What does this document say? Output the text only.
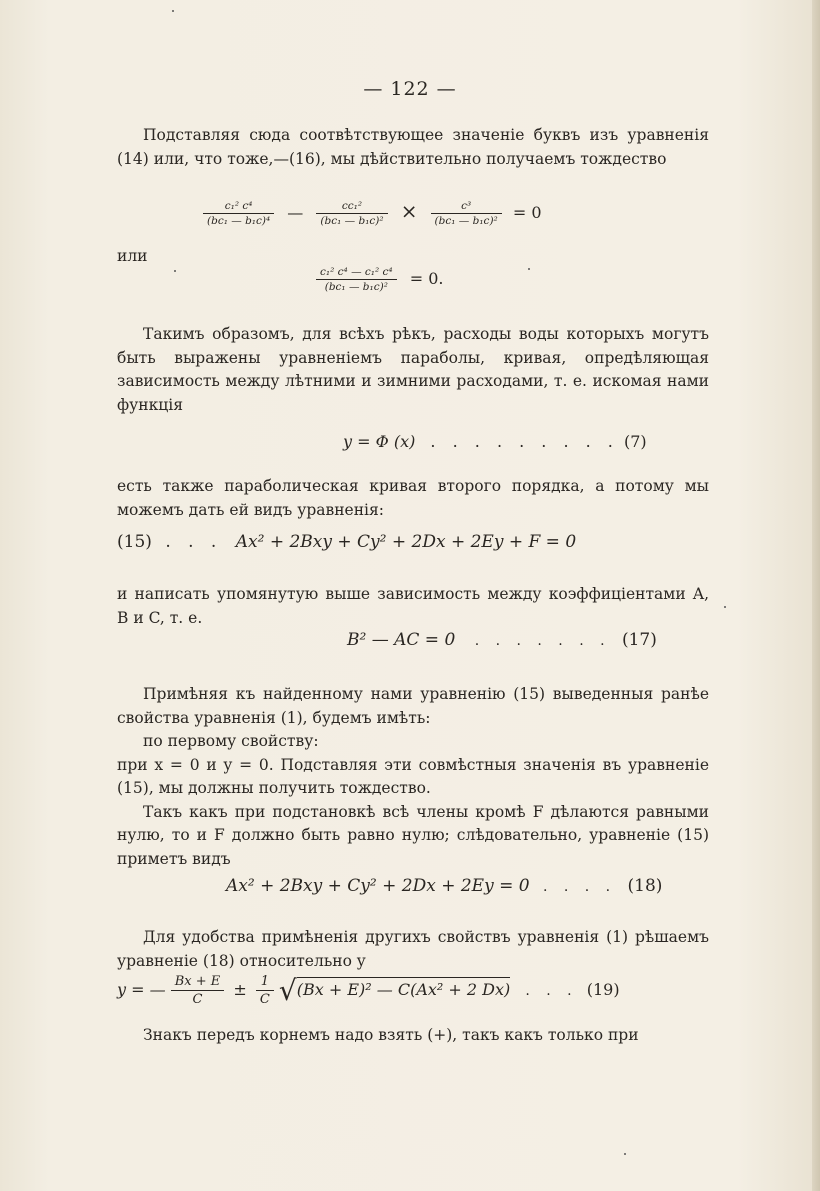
— 122 —

Подставляя сюда соотвѣтствующее значеніе буквъ изъ уравненія (14) или, что тоже,—(16), мы дѣйствительно получаемъ тождество

$\frac{\text{c₁² c⁴}}{\text{(bc₁ — b₁c)⁴}}$ — $\frac{\text{cc₁²}}{\text{(bc₁ — b₁c)²}} \times \frac{\text{c³}}{\text{(bc₁ — b₁c)²}} = 0$
или
$\frac{\text{c₁² c⁴ — c₁² c⁴}}{\text{(bc₁ — b₁c)²}} = 0$.

Такимъ образомъ, для всѣхъ рѣкъ, расходы воды которыхъ могутъ быть выражены уравненіемъ параболы, кривая, опредѣляющая зависимость между лѣтними и зимними расходами, т. е. искомая нами функція

y = Φ (x) . . . . . . . . . (7)

есть также параболическая кривая второго порядка, а потому мы можемъ дать ей видъ уравненія:

(15) . . . Ax² + 2Bxy + Cy² + 2Dx + 2Ey + F = 0

и написать упомянутую выше зависимость между коэффиціентами A, B и C, т. е.

B² — AC = 0 . . . . . . . (17)

Примѣняя къ найденному нами уравненію (15) выведенныя ранѣе свойства уравненія (1), будемъ имѣть:

по первому свойству:

при x = 0 и y = 0. Подставляя эти совмѣстныя значенія въ уравненіе (15), мы должны получить тождество.

Такъ какъ при подстановкѣ всѣ члены кромѣ F дѣлаются равными нулю, то и F должно быть равно нулю; слѣдовательно, уравненіе (15) приметъ видъ

Ax² + 2Bxy + Cy² + 2Dx + 2Ey = 0 . . . . (18)

Для удобства примѣненія другихъ свойствъ уравненія (1) рѣшаемъ уравненіе (18) относительно y

y = — $\frac{Bx + E}{C} \pm \frac{1}{C} √(Bx + E)^2$ — C(Ax² + 2 Dx) . . . (19)

Знакъ передъ корнемъ надо взять (+), такъ какъ только при
